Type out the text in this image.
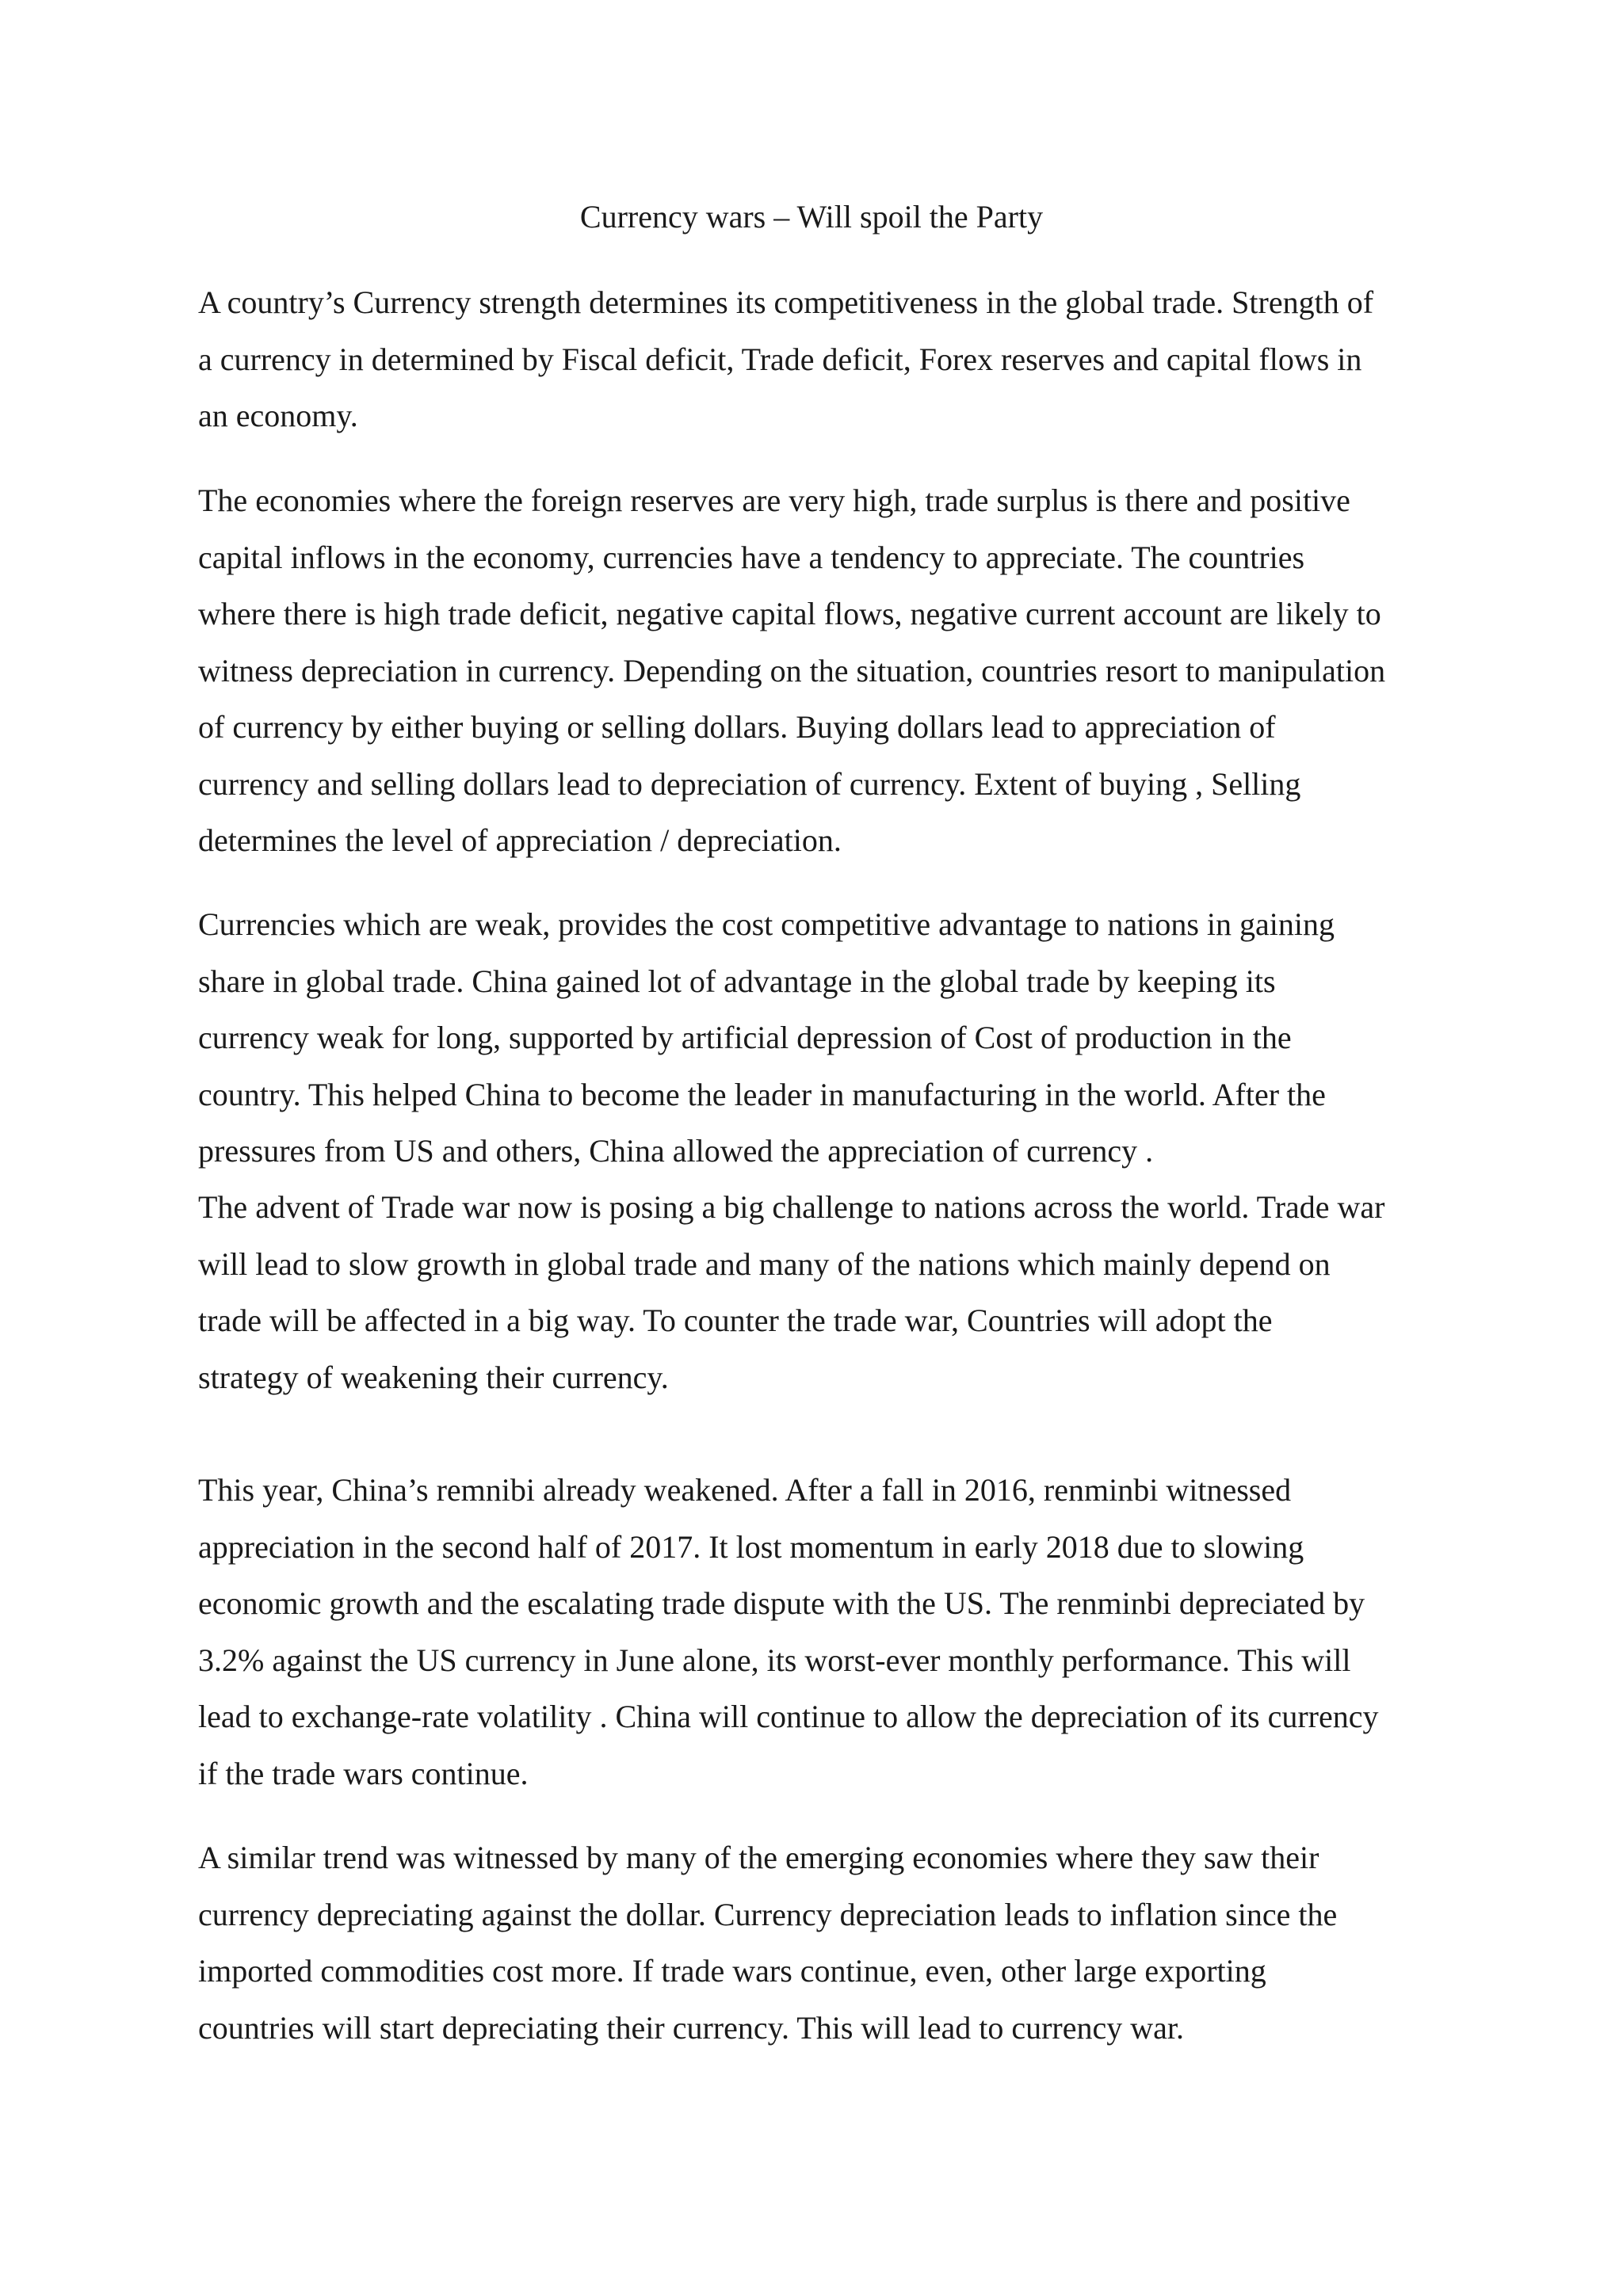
Currency wars – Will spoil the Party
A country’s Currency strength determines its competitiveness in the global trade. Strength of
a currency in determined by Fiscal deficit, Trade deficit, Forex reserves and capital flows in
an economy.
The economies where the foreign reserves are very high, trade surplus is there and positive
capital inflows in the economy, currencies have a tendency to appreciate. The countries
where there is high trade deficit, negative capital flows, negative current account are likely to
witness depreciation in currency. Depending on the situation, countries resort to manipulation
of currency by either buying or selling dollars. Buying dollars lead to appreciation of
currency and selling dollars lead to depreciation of currency. Extent of buying , Selling
determines the level of appreciation / depreciation.
Currencies which are weak, provides the cost competitive advantage to nations in gaining
share in global trade. China gained lot of advantage in the global trade by keeping its
currency weak for long, supported by artificial depression of Cost of production in the
country. This helped China to become the leader in manufacturing in the world. After the
pressures from US and others, China allowed the appreciation of currency .
The advent of Trade war now is posing a big challenge to nations across the world. Trade war
will lead to slow growth in global trade and many of the nations which mainly depend on
trade will be affected in a big way. To counter the trade war, Countries will adopt the
strategy of weakening their currency.
This year, China’s remnibi already weakened. After a fall in 2016, renminbi witnessed
appreciation in the second half of 2017. It lost momentum in early 2018 due to slowing
economic growth and the escalating trade dispute with the US. The renminbi depreciated by
3.2% against the US currency in June alone, its worst-ever monthly performance. This will
lead to exchange-rate volatility . China will continue to allow the depreciation of its currency
if the trade wars continue.
A similar trend was witnessed by many of the emerging economies where they saw their
currency depreciating against the dollar. Currency depreciation leads to inflation since the
imported commodities cost more. If trade wars continue, even, other large exporting
countries will start depreciating their currency. This will lead to currency war.
